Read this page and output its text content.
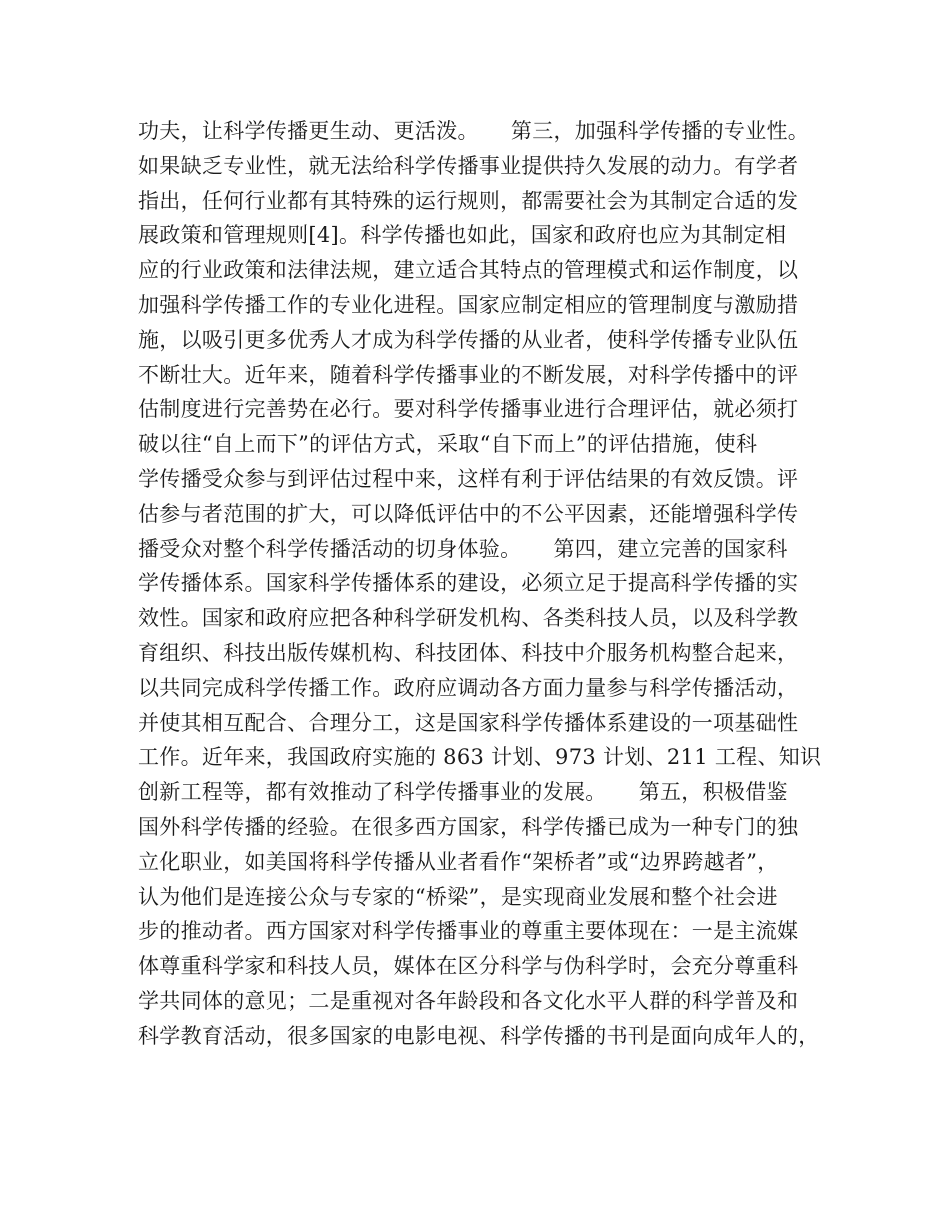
功夫，让科学传播更生动、更活泼。　　第三，加强科学传播的专业性。
如果缺乏专业性，就无法给科学传播事业提供持久发展的动力。有学者
指出，任何行业都有其特殊的运行规则，都需要社会为其制定合适的发
展政策和管理规则[4]。科学传播也如此，国家和政府也应为其制定相
应的行业政策和法律法规，建立适合其特点的管理模式和运作制度，以
加强科学传播工作的专业化进程。国家应制定相应的管理制度与激励措
施，以吸引更多优秀人才成为科学传播的从业者，使科学传播专业队伍
不断壮大。近年来，随着科学传播事业的不断发展，对科学传播中的评
估制度进行完善势在必行。要对科学传播事业进行合理评估，就必须打
破以往“自上而下”的评估方式，采取“自下而上”的评估措施，使科
学传播受众参与到评估过程中来，这样有利于评估结果的有效反馈。评
估参与者范围的扩大，可以降低评估中的不公平因素，还能增强科学传
播受众对整个科学传播活动的切身体验。　　第四，建立完善的国家科
学传播体系。国家科学传播体系的建设，必须立足于提高科学传播的实
效性。国家和政府应把各种科学研发机构、各类科技人员，以及科学教
育组织、科技出版传媒机构、科技团体、科技中介服务机构整合起来，
以共同完成科学传播工作。政府应调动各方面力量参与科学传播活动，
并使其相互配合、合理分工，这是国家科学传播体系建设的一项基础性
工作。近年来，我国政府实施的 863 计划、973 计划、211 工程、知识
创新工程等，都有效推动了科学传播事业的发展。　　第五，积极借鉴
国外科学传播的经验。在很多西方国家，科学传播已成为一种专门的独
立化职业，如美国将科学传播从业者看作“架桥者”或“边界跨越者”，
认为他们是连接公众与专家的“桥梁”，是实现商业发展和整个社会进
步的推动者。西方国家对科学传播事业的尊重主要体现在：一是主流媒
体尊重科学家和科技人员，媒体在区分科学与伪科学时，会充分尊重科
学共同体的意见；二是重视对各年龄段和各文化水平人群的科学普及和
科学教育活动，很多国家的电影电视、科学传播的书刊是面向成年人的，
